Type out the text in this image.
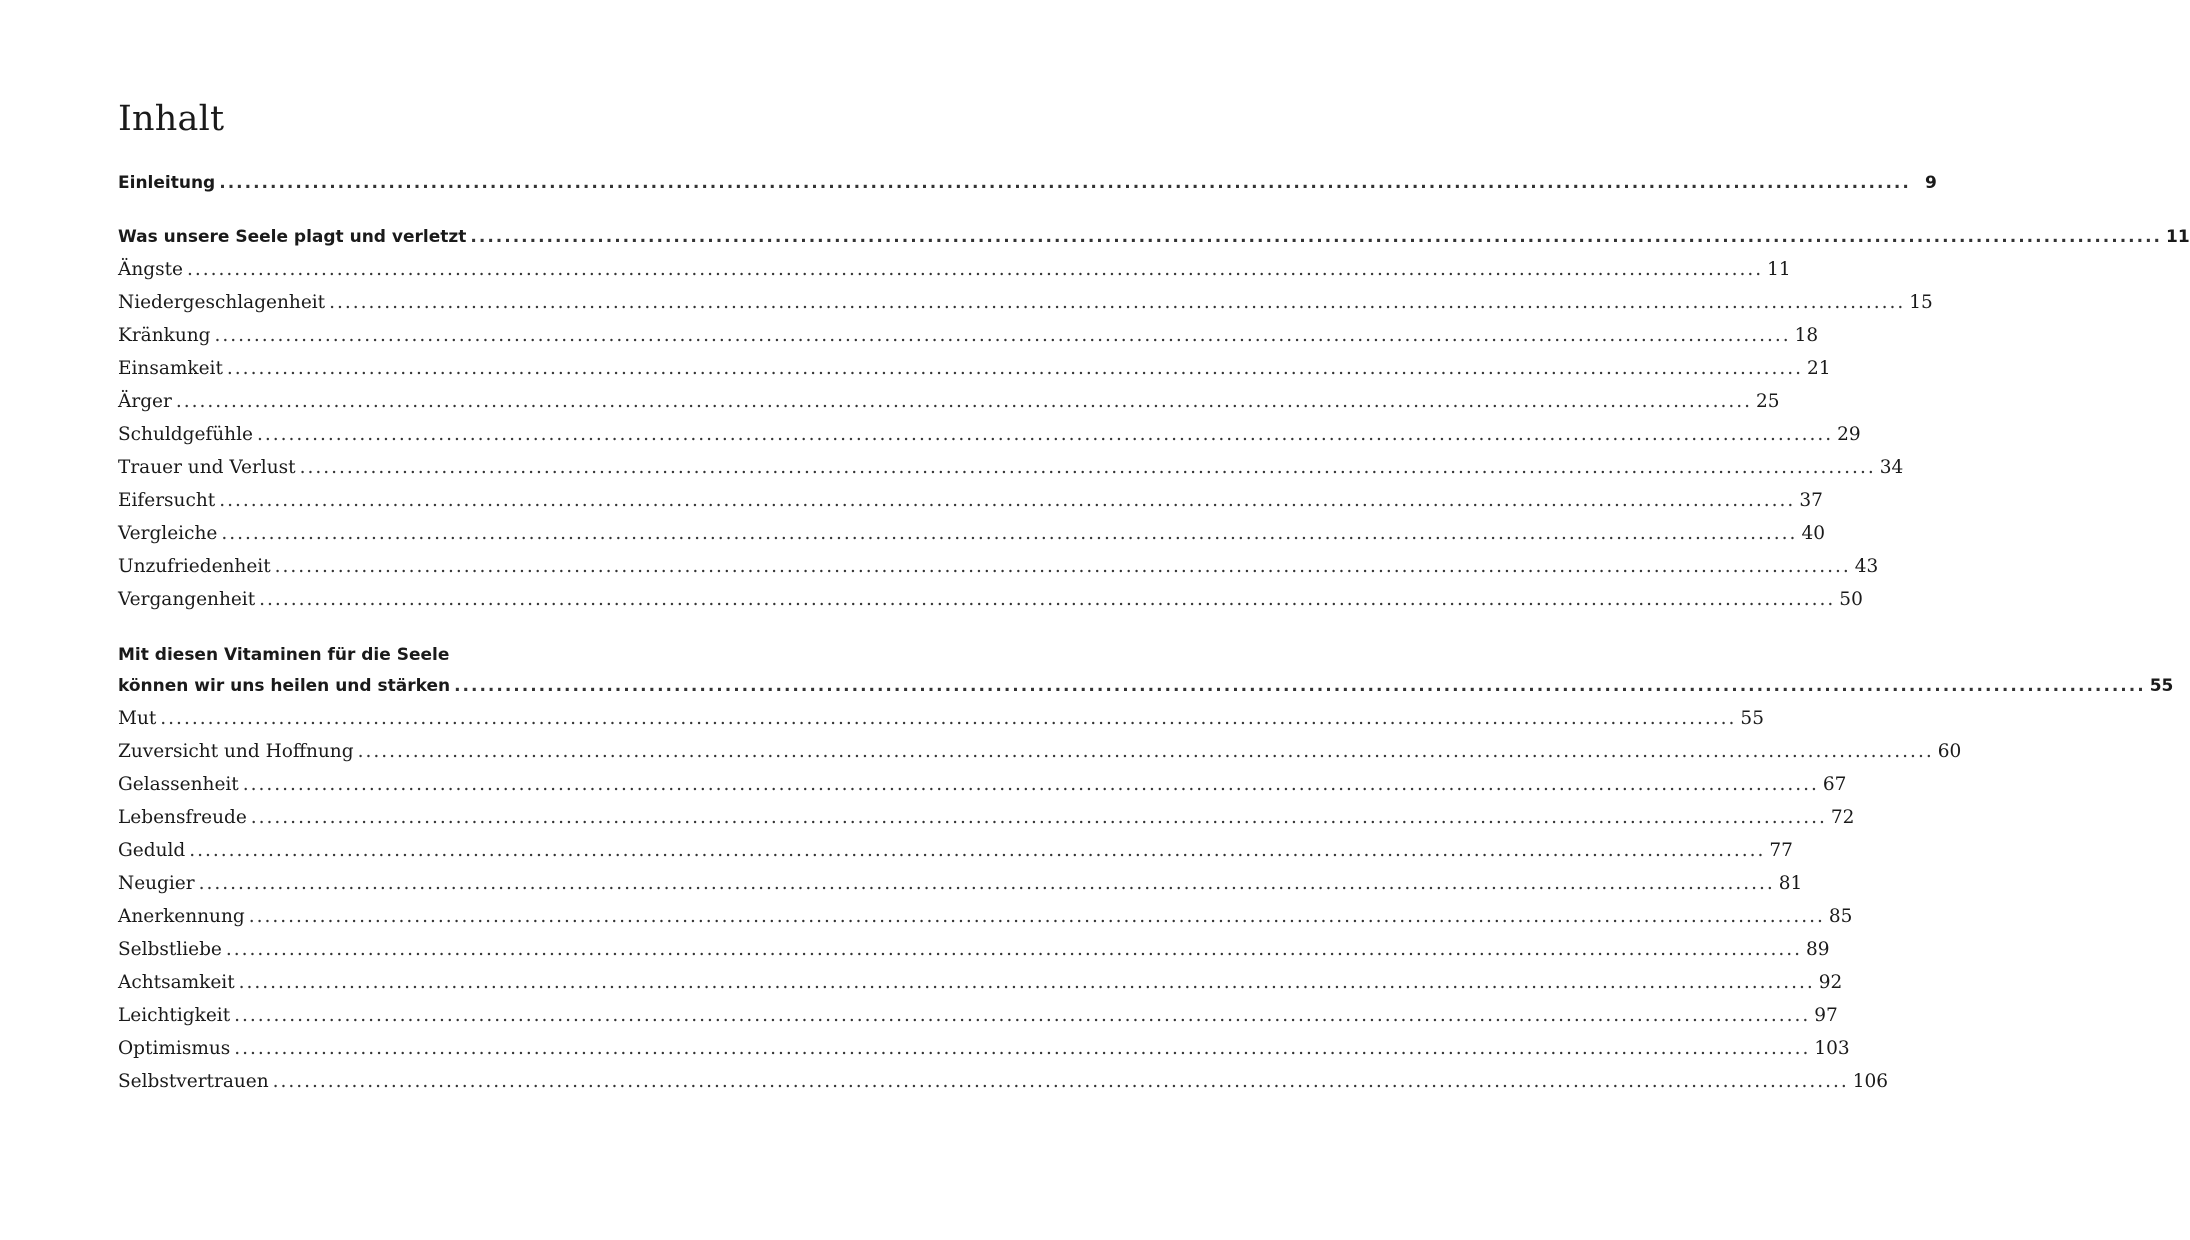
Inhalt
Einleitung ........................................................................................................................................................................................................ 9
Was unsere Seele plagt und verletzt ........................................................................................................................................................................................................ 11
Ängste ........................................................................................................................................................................................................ 11
Niedergeschlagenheit ........................................................................................................................................................................................................ 15
Kränkung ........................................................................................................................................................................................................ 18
Einsamkeit ........................................................................................................................................................................................................ 21
Ärger ........................................................................................................................................................................................................ 25
Schuldgefühle ........................................................................................................................................................................................................ 29
Trauer und Verlust ........................................................................................................................................................................................................ 34
Eifersucht ........................................................................................................................................................................................................ 37
Vergleiche ........................................................................................................................................................................................................ 40
Unzufriedenheit ........................................................................................................................................................................................................ 43
Vergangenheit ........................................................................................................................................................................................................ 50
Mit diesen Vitaminen für die Seele
können wir uns heilen und stärken ........................................................................................................................................................................................................ 55
Mut ........................................................................................................................................................................................................ 55
Zuversicht und Hoffnung ........................................................................................................................................................................................................ 60
Gelassenheit ........................................................................................................................................................................................................ 67
Lebensfreude ........................................................................................................................................................................................................ 72
Geduld ........................................................................................................................................................................................................ 77
Neugier ........................................................................................................................................................................................................ 81
Anerkennung ........................................................................................................................................................................................................ 85
Selbstliebe ........................................................................................................................................................................................................ 89
Achtsamkeit ........................................................................................................................................................................................................ 92
Leichtigkeit ........................................................................................................................................................................................................ 97
Optimismus ........................................................................................................................................................................................................ 103
Selbstvertrauen ........................................................................................................................................................................................................ 106
